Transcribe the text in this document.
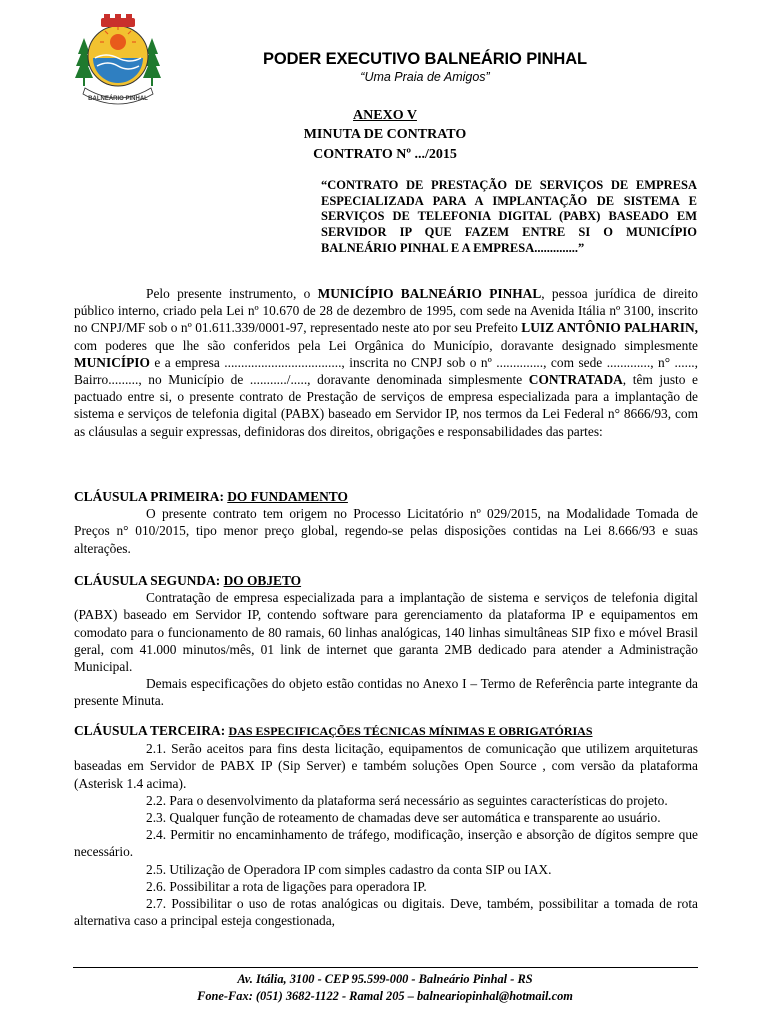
BALNEÁRIO PINHAL
PODER EXECUTIVO BALNEÁRIO PINHAL
“Uma Praia de Amigos”
ANEXO V
MINUTA DE CONTRATO
CONTRATO Nº .../2015
“CONTRATO DE PRESTAÇÃO DE SERVIÇOS DE EMPRESA ESPECIALIZADA PARA A IMPLANTAÇÃO DE SISTEMA E SERVIÇOS DE TELEFONIA DIGITAL (PABX) BASEADO EM SERVIDOR IP QUE FAZEM ENTRE SI O MUNICÍPIO BALNEÁRIO PINHAL E A EMPRESA..............”

Pelo presente instrumento, o MUNICÍPIO BALNEÁRIO PINHAL, pessoa jurídica de direito público interno, criado pela Lei nº 10.670 de 28 de dezembro de 1995, com sede na Avenida Itália nº 3100, inscrito no CNPJ/MF sob o nº 01.611.339/0001-97, representado neste ato por seu Prefeito LUIZ ANTÔNIO PALHARIN, com poderes que lhe são conferidos pela Lei Orgânica do Município, doravante designado simplesmente MUNICÍPIO e a empresa ..................................., inscrita no CNPJ sob o nº .............., com sede ............., n° ......, Bairro........., no Município de .........../....., doravante denominada simplesmente CONTRATADA, têm justo e pactuado entre si, o presente contrato de Prestação de serviços de empresa especializada para a implantação de sistema e serviços de telefonia digital (PABX) baseado em Servidor IP, nos termos da Lei Federal n° 8666/93, com as cláusulas a seguir expressas, definidoras dos direitos, obrigações e responsabilidades das partes:

CLÁUSULA PRIMEIRA: DO FUNDAMENTO

O presente contrato tem origem no Processo Licitatório nº 029/2015, na Modalidade Tomada de Preços n° 010/2015, tipo menor preço global, regendo-se pelas disposições contidas na Lei 8.666/93 e suas alterações.

CLÁUSULA SEGUNDA: DO OBJETO

Contratação de empresa especializada para a implantação de sistema e serviços de telefonia digital (PABX) baseado em Servidor IP, contendo software para gerenciamento da plataforma IP e equipamentos em comodato para o funcionamento de 80 ramais, 60 linhas analógicas, 140 linhas simultâneas SIP fixo e móvel Brasil geral, com 41.000 minutos/mês, 01 link de internet que garanta 2MB dedicado para atender a Administração Municipal.

Demais especificações do objeto estão contidas no Anexo I – Termo de Referência parte integrante da presente Minuta.

CLÁUSULA TERCEIRA: DAS ESPECIFICAÇÕES TÉCNICAS MÍNIMAS E OBRIGATÓRIAS

2.1. Serão aceitos para fins desta licitação, equipamentos de comunicação que utilizem arquiteturas baseadas em Servidor de PABX IP (Sip Server) e também soluções Open Source , com versão da plataforma (Asterisk 1.4 acima).

2.2. Para o desenvolvimento da plataforma será necessário as seguintes características do projeto.

2.3. Qualquer função de roteamento de chamadas deve ser automática e transparente ao usuário.

2.4. Permitir no encaminhamento de tráfego, modificação, inserção e absorção de dígitos sempre que necessário.

2.5. Utilização de Operadora IP com simples cadastro da conta SIP ou IAX.

2.6. Possibilitar a rota de ligações para operadora IP.

2.7. Possibilitar o uso de rotas analógicas ou digitais. Deve, também, possibilitar a tomada de rota alternativa caso a principal esteja congestionada,

Av. Itália, 3100 - CEP 95.599-000 - Balneário Pinhal - RS
Fone-Fax: (051) 3682-1122 - Ramal 205 – balneariopinhal@hotmail.com
